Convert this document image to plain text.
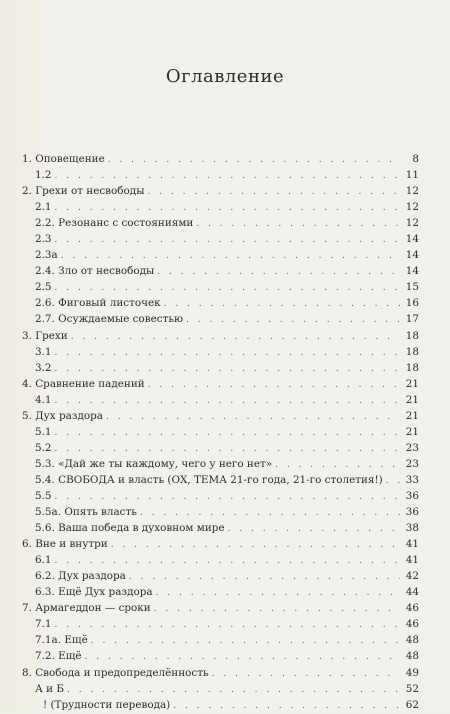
Оглавление
1. Оповещение . . .	8
1.2 . . .	11
2. Грехи от несвободы . . .	12
2.1 . . .	12
2.2. Резонанс с состояниями . . .	12
2.3 . . .	14
2.3a . . .	14
2.4. Зло от несвободы . . .	14
2.5 . . .	15
2.6. Фиговый листочек . . .	16
2.7. Осуждаемые совестью . . .	17
3. Грехи . . .	18
3.1 . . .	18
3.2 . . .	18
4. Сравнение падений . . .	21
4.1 . . .	21
5. Дух раздора . . .	21
5.1 . . .	21
5.2 . . .	23
5.3. «Дай же ты каждому, чего у него нет» . . .	23
5.4. СВОБОДА и власть (ОХ, ТЕМА 21-го года, 21-го столетия!) . . . 33
5.5 . . .	36
5.5a. Опять власть . . .	36
5.6. Ваша победа в духовном мире . . .	38
6. Вне и внутри . . .	41
6.1 . . .	41
6.2. Дух раздора . . .	42
6.3. Ещё Дух раздора . . .	44
7. Армагеддон — сроки . . .	46
7.1 . . .	46
7.1a. Ещё . . .	48
7.2. Ещё . . .	48
8. Свобода и предопределённость . . .	49
А и Б . . .	52
! (Трудности перевода) . . .	62
